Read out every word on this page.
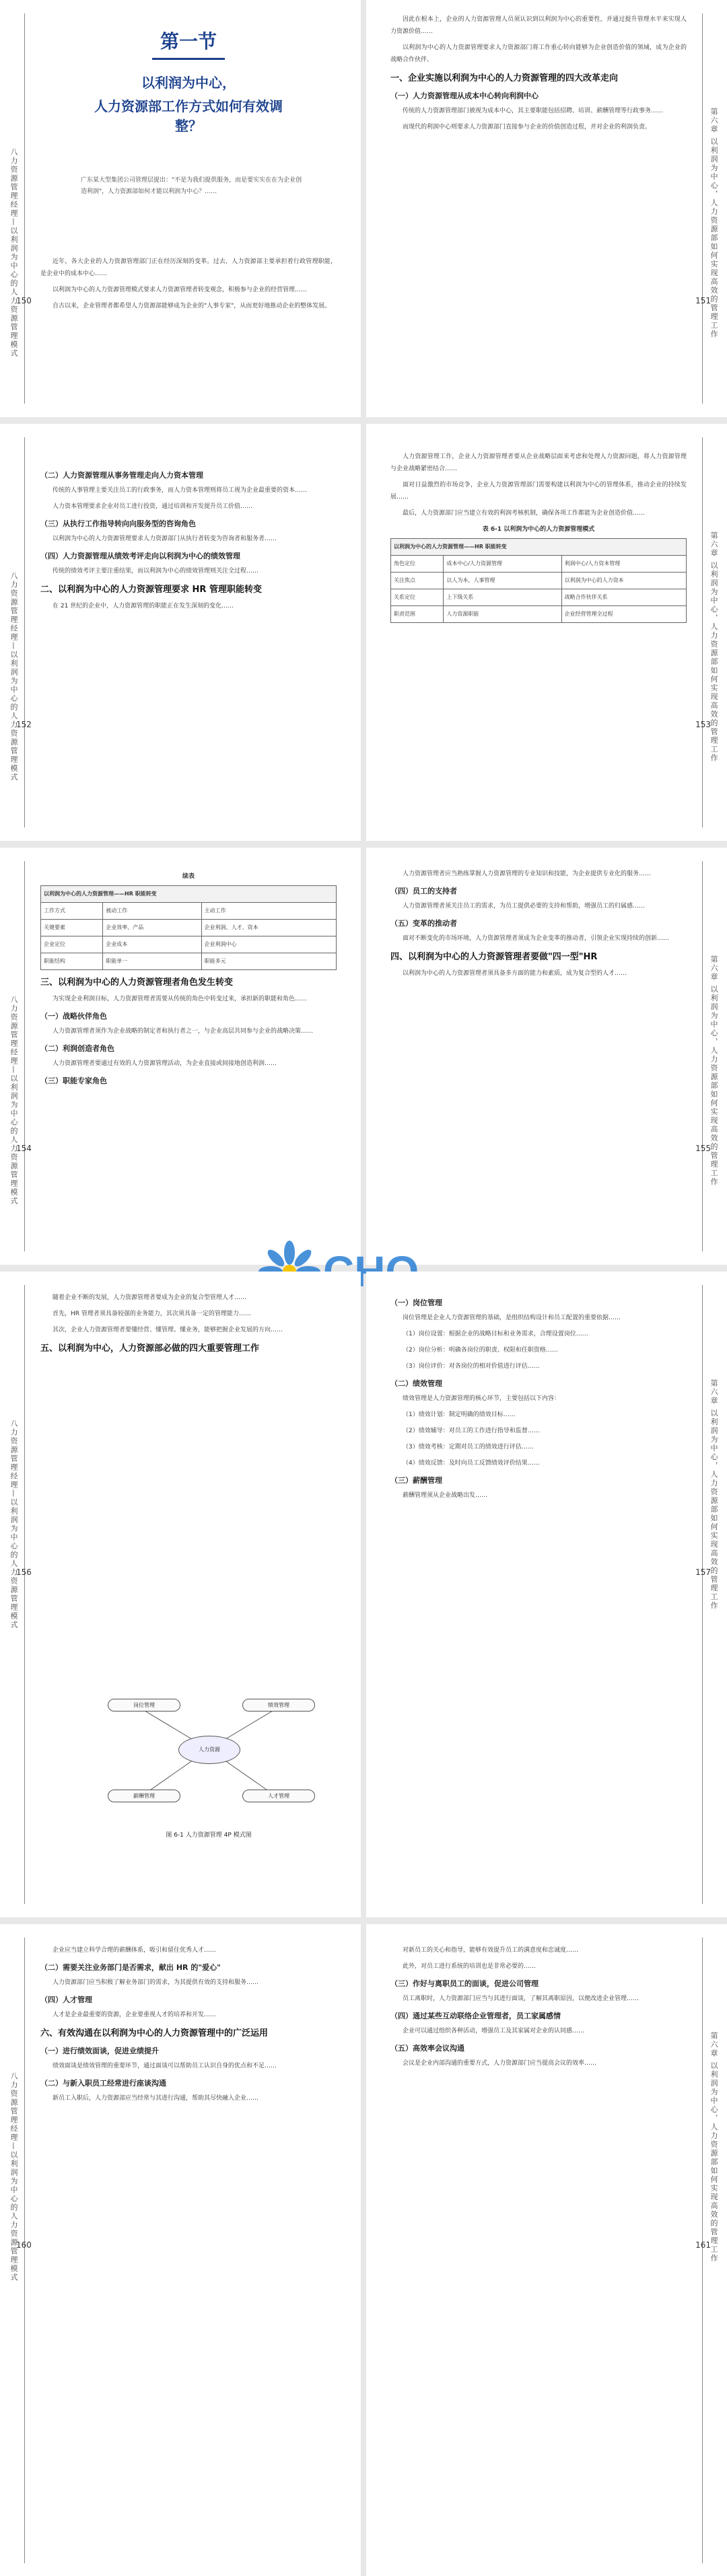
八力资源管理经理—以利润为中心的人力资源管理模式
第一节
以利润为中心，
人力资源部工作方式如何有效调整？
广东某大型集团公司管理层提出："不是为我们提供服务，而是要实实在在为企业创造利润"，人力资源部如何才能以利润为中心？……

近年，各大企业的人力资源管理部门正在经历深刻的变革。过去，人力资源部主要承担着行政管理职能，是企业中的成本中心……

以利润为中心的人力资源管理模式要求人力资源管理者转变观念，积极参与企业的经营管理……

自古以来，企业管理者都希望人力资源部能够成为企业的"人事专家"，从而更好地推动企业的整体发展。

150	第六章 以利润为中心，人力资源部如何实现高效的管理工作

因此在根本上，企业的人力资源管理人员须认识到以利润为中心的重要性，并通过提升管理水平来实现人力资源价值……

以利润为中心的人力资源管理要求人力资源部门将工作重心转向能够为企业创造价值的领域，成为企业的战略合作伙伴。

一、企业实施以利润为中心的人力资源管理的四大改革走向
（一）人力资源管理从成本中心转向利润中心

传统的人力资源管理部门被视为成本中心，其主要职能包括招聘、培训、薪酬管理等行政事务……

而现代的利润中心则要求人力资源部门直接参与企业的价值创造过程，并对企业的利润负责。

151
八力资源管理经理—以利润为中心的人力资源管理模式
（二）人力资源管理从事务管理走向人力资本管理

传统的人事管理主要关注员工的行政事务，而人力资本管理则将员工视为企业最重要的资本……

人力资本管理要求企业对员工进行投资，通过培训和开发提升员工价值……

（三）从执行工作指导转向向服务型的咨询角色

以利润为中心的人力资源管理要求人力资源部门从执行者转变为咨询者和服务者……

（四）人力资源管理从绩效考评走向以利润为中心的绩效管理

传统的绩效考评主要注重结果，而以利润为中心的绩效管理则关注全过程……

二、以利润为中心的人力资源管理要求 HR 管理职能转变

在 21 世纪的企业中，人力资源管理的职能正在发生深刻的变化……

152	第六章 以利润为中心，人力资源部如何实现高效的管理工作

人力资源管理工作，企业人力资源管理者要从企业战略层面来考虑和处理人力资源问题，将人力资源管理与企业战略紧密结合……

面对日益激烈的市场竞争，企业人力资源管理部门需要构建以利润为中心的管理体系，推动企业的持续发展……

最后，人力资源部门应当建立有效的利润考核机制，确保各项工作都能为企业创造价值……

表 6-1 以利润为中心的人力资源管理模式
以利润为中心的人力资源管理——HR 职能转变		
角色定位	成本中心/人力资源管理	利润中心/人力资本管理
关注焦点	以人为本，人事管理	以利润为中心的人力资本
关系定位	上下级关系	战略合作伙伴关系
职责范围	人力资源职能	企业经营管理全过程
153
八力资源管理经理—以利润为中心的人力资源管理模式
续表
以利润为中心的人力资源管理——HR 职能转变		
工作方式	被动工作	主动工作
关键要素	企业效率、产品	企业利润、人才、资本
企业定位	企业成本	企业利润中心
职能结构	职能单一	职能多元
三、以利润为中心的人力资源管理者角色发生转变

为实现企业利润目标，人力资源管理者需要从传统的角色中转变过来，承担新的职能和角色……

（一）战略伙伴角色

人力资源管理者须作为企业战略的制定者和执行者之一，与企业高层共同参与企业的战略决策……

（二）利润创造者角色

人力资源管理者要通过有效的人力资源管理活动，为企业直接或间接地创造利润……

（三）职能专家角色
154	第六章 以利润为中心，人力资源部如何实现高效的管理工作

人力资源管理者应当熟练掌握人力资源管理的专业知识和技能，为企业提供专业化的服务……

（四）员工的支持者

人力资源管理者须关注员工的需求，为员工提供必要的支持和帮助，增强员工的归属感……

（五）变革的推动者

面对不断变化的市场环境，人力资源管理者须成为企业变革的推动者，引领企业实现持续的创新……

四、以利润为中心的人力资源管理者要做"四一型"HR

以利润为中心的人力资源管理者须具备多方面的能力和素质，成为复合型的人才……

155
八力资源管理经理—以利润为中心的人力资源管理模式

随着企业不断的发展，人力资源管理者要成为企业的复合型管理人才……

首先，HR 管理者须具备较强的业务能力，其次须具备一定的管理能力……

其次，企业人力资源管理者要懂经营、懂管理、懂业务，能够把握企业发展的方向……

五、以利润为中心，人力资源部必做的四大重要管理工作
人力资源
岗位管理	绩效管理
薪酬管理	人才管理
图 6-1 人力资源管理 4P 模式图
156	第六章 以利润为中心，人力资源部如何实现高效的管理工作
（一）岗位管理

岗位管理是企业人力资源管理的基础，是组织结构设计和员工配置的重要依据……

（1）岗位设置：根据企业的战略目标和业务需求，合理设置岗位……

（2）岗位分析：明确各岗位的职责、权限和任职资格……

（3）岗位评价：对各岗位的相对价值进行评估……

（二）绩效管理

绩效管理是人力资源管理的核心环节，主要包括以下内容：

（1）绩效计划：制定明确的绩效目标……

（2）绩效辅导：对员工的工作进行指导和监督……

（3）绩效考核：定期对员工的绩效进行评估……

（4）绩效反馈：及时向员工反馈绩效评价结果……

（三）薪酬管理

薪酬管理须从企业战略出发……

157
八力资源管理经理—以利润为中心的人力资源管理模式

企业应当建立科学合理的薪酬体系，吸引和留住优秀人才……

（二）需要关注业务部门是否需求，献出 HR 的"爱心"

人力资源部门应当积极了解业务部门的需求，为其提供有效的支持和服务……

（四）人才管理

人才是企业最重要的资源，企业要重视人才的培养和开发……

六、有效沟通在以利润为中心的人力资源管理中的广泛运用
（一）进行绩效面谈，促进业绩提升

绩效面谈是绩效管理的重要环节，通过面谈可以帮助员工认识自身的优点和不足……

（二）与新入职员工经常进行座谈沟通

新员工入职后，人力资源部应当经常与其进行沟通，帮助其尽快融入企业……

160	第六章 以利润为中心，人力资源部如何实现高效的管理工作

对新员工的关心和指导，能够有效提升员工的满意度和忠诚度……

此外，对员工进行系统的培训也是非常必要的……

（三）作好与离职员工的面谈，促进公司管理

员工离职时，人力资源部门应当与其进行面谈，了解其离职原因，以便改进企业管理……

（四）通过某些互动联络企业管理者，员工家属感情

企业可以通过组织各种活动，增强员工及其家属对企业的认同感……

（五）高效率会议沟通

会议是企业内部沟通的重要方式，人力资源部门应当提高会议的效率……

161
